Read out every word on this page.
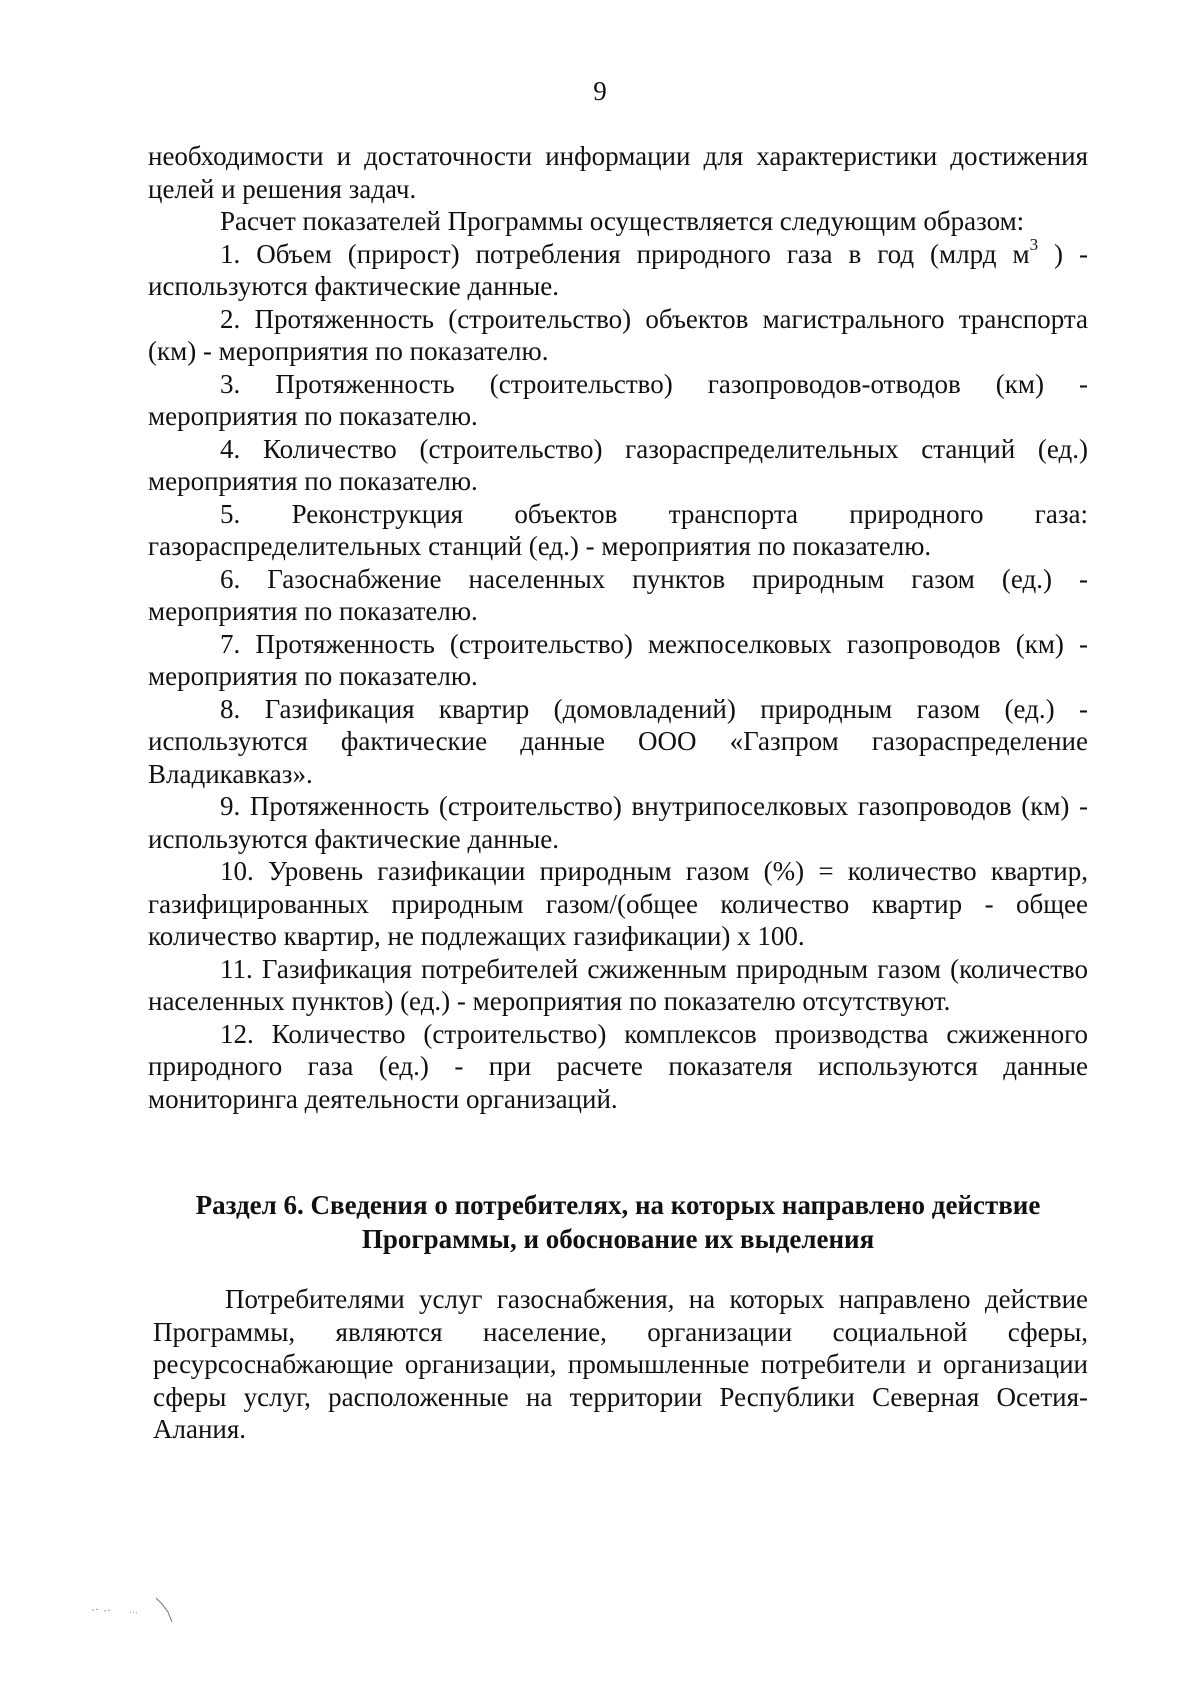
9

необходимости и достаточности информации для характеристики достижения целей и решения задач.

Расчет показателей Программы осуществляется следующим образом:

1. Объем (прирост) потребления природного газа в год (млрд $м^3$ ) - используются фактические данные.

2. Протяженность (строительство) объектов магистрального транспорта (км) - мероприятия по показателю.

3. Протяженность (строительство) газопроводов-отводов (км) - мероприятия по показателю.

4. Количество (строительство) газораспределительных станций (ед.) мероприятия по показателю.

5. Реконструкция объектов транспорта природного газа: газораспределительных станций (ед.) - мероприятия по показателю.

6. Газоснабжение населенных пунктов природным газом (ед.) - мероприятия по показателю.

7. Протяженность (строительство) межпоселковых газопроводов (км) - мероприятия по показателю.

8. Газификация квартир (домовладений) природным газом (ед.) - используются фактические данные ООО «Газпром газораспределение Владикавказ».

9. Протяженность (строительство) внутрипоселковых газопроводов (км) - используются фактические данные.

10. Уровень газификации природным газом (%) = количество квартир, газифицированных природным газом/(общее количество квартир - общее количество квартир, не подлежащих газификации) х 100.

11. Газификация потребителей сжиженным природным газом (количество населенных пунктов) (ед.) - мероприятия по показателю отсутствуют.

12. Количество (строительство) комплексов производства сжиженного природного газа (ед.) - при расчете показателя используются данные мониторинга деятельности организаций.

Раздел 6. Сведения о потребителях, на которых направлено действие
Программы, и обоснование их выделения

Потребителями услуг газоснабжения, на которых направлено действие Программы, являются население, организации социальной сферы, ресурсоснабжающие организации, промышленные потребители и организации сферы услуг, расположенные на территории Республики Северная Осетия-Алания.
